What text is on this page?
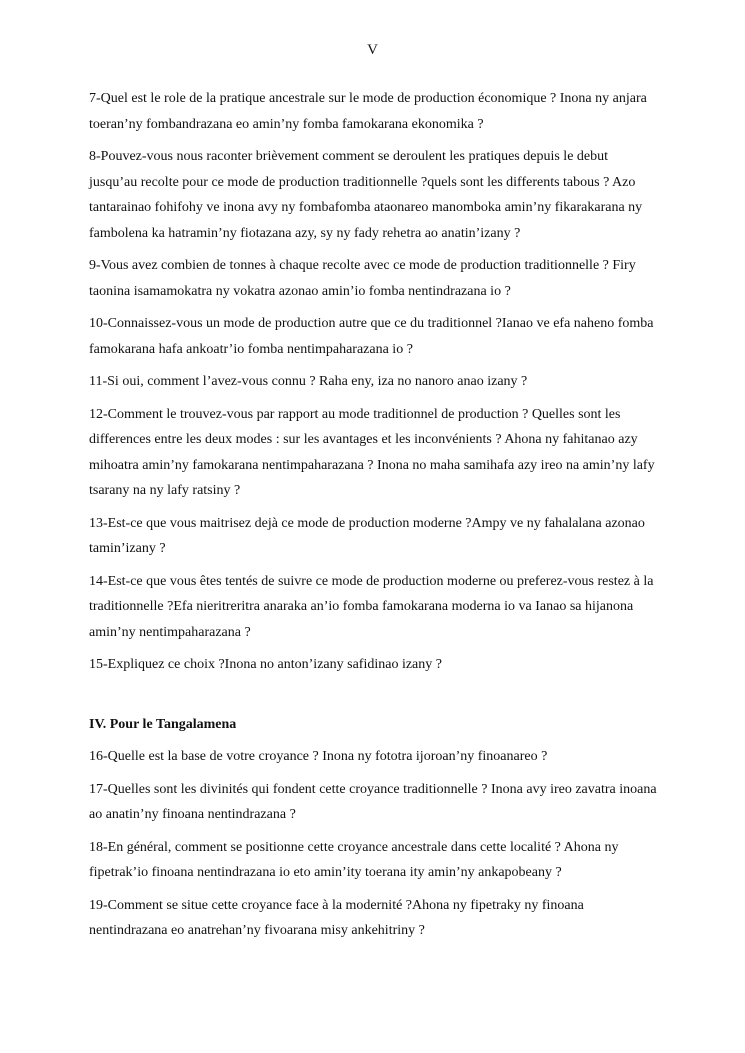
V

7-Quel est le role de la pratique ancestrale sur le mode de production économique ? Inona ny anjara toeran’ny fombandrazana eo amin’ny fomba famokarana ekonomika ?

8-Pouvez-vous nous raconter brièvement comment se deroulent les pratiques depuis le debut jusqu’au recolte pour ce mode de production traditionnelle ?quels sont les differents tabous ? Azo tantarainao fohifohy ve inona avy ny fombafomba ataonareo manomboka amin’ny fikarakarana ny fambolena ka hatramin’ny fiotazana azy, sy ny fady rehetra ao anatin’izany ?

9-Vous avez combien de tonnes à chaque recolte avec ce mode de production traditionnelle ? Firy taonina isamamokatra ny vokatra azonao amin’io fomba nentindrazana io ?

10-Connaissez-vous un mode de production autre que ce du traditionnel ?Ianao ve efa naheno fomba famokarana hafa ankoatr’io fomba nentimpaharazana io ?

11-Si oui, comment l’avez-vous connu ? Raha eny, iza no nanoro anao izany ?

12-Comment le trouvez-vous par rapport au mode traditionnel de production ? Quelles sont les differences entre les deux modes : sur les avantages et les inconvénients ? Ahona ny fahitanao azy mihoatra amin’ny famokarana nentimpaharazana ? Inona no maha samihafa azy ireo na amin’ny lafy tsarany na ny lafy ratsiny ?

13-Est-ce que vous maitrisez dejà ce mode de production moderne ?Ampy ve ny fahalalana azonao tamin’izany ?

14-Est-ce que vous êtes tentés de suivre ce mode de production moderne ou preferez-vous restez à la traditionnelle ?Efa nieritreritra anaraka an’io fomba famokarana moderna io va Ianao sa hijanona amin’ny nentimpaharazana ?

15-Expliquez ce choix ?Inona no anton’izany safidinao izany ?

IV. Pour le Tangalamena

16-Quelle est la base de votre croyance ? Inona ny fototra ijoroan’ny finoanareo ?

17-Quelles sont les divinités qui fondent cette croyance traditionnelle ? Inona avy ireo zavatra inoana ao anatin’ny finoana nentindrazana ?

18-En général, comment se positionne cette croyance ancestrale dans cette localité ? Ahona ny fipetrak’io finoana nentindrazana io eto amin’ity toerana ity amin’ny ankapobeany ?

19-Comment se situe cette croyance face à la modernité ?Ahona ny fipetraky ny finoana nentindrazana eo anatrehan’ny fivoarana misy ankehitriny ?
